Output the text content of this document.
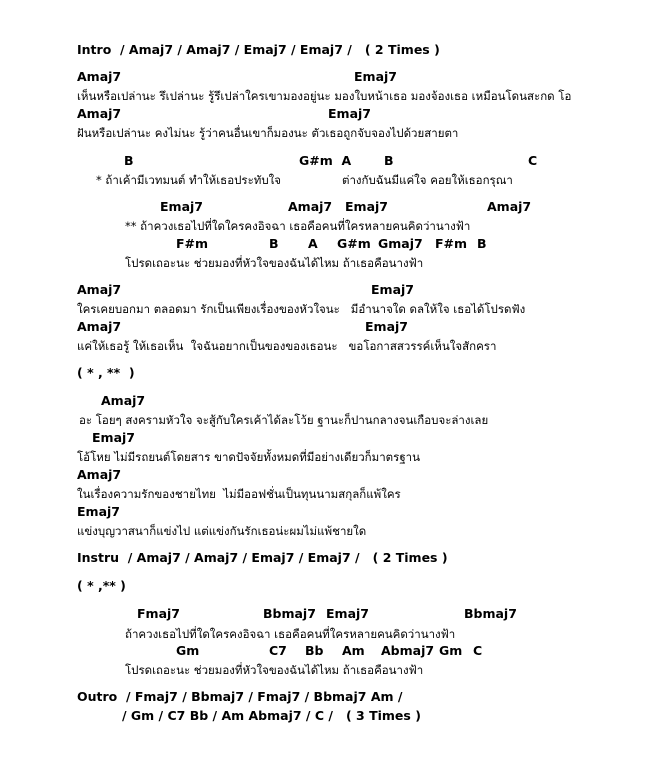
Intro  / Amaj7 / Amaj7 / Emaj7 / Emaj7 /   ( 2 Times )
Amaj7	Emaj7
เห็นหรือเปล่านะ รึเปล่านะ รู้รึเปล่าใครเขามองอยู่นะ มองใบหน้าเธอ มองจ้องเธอ เหมือนโดนสะกด โอ
Amaj7	Emaj7
ฝันหรือเปล่านะ คงไม่นะ รู้ว่าคนอื่นเขาก็มองนะ ตัวเธอถูกจับจองไปด้วยสายตา
B	G#m  A	B	C
* ถ้าเค้ามีเวทมนต์ ทำให้เธอประทับใจ	ต่างกับฉันมีแค่ใจ คอยให้เธอกรุณา
Emaj7	Amaj7 Emaj7	Amaj7
** ถ้าควงเธอไปที่ใดใครคงอิจฉา เธอคือคนที่ใครหลายคนคิดว่านางฟ้า
F#m	B A G#m Gmaj7 F#m B
โปรดเถอะนะ ช่วยมองที่หัวใจของฉันได้ไหม ถ้าเธอคือนางฟ้า
Amaj7	Emaj7
ใครเคยบอกมา ตลอดมา รักเป็นเพียงเรื่องของหัวใจนะ   มีอำนาจใด ดลให้ใจ เธอได้โปรดฟัง
Amaj7	Emaj7
แค่ให้เธอรู้ ให้เธอเห็น  ใจฉันอยากเป็นของของเธอนะ   ขอโอกาสสวรรค์เห็นใจสักครา
( * , **  )
Amaj7
อะ โอยๆ สงครามหัวใจ จะสู้กับใครเค้าได้ละโว้ย ฐานะก็ปานกลางจนเกือบจะล่างเลย
Emaj7
โอ้โหย ไม่มีรถยนต์โดยสาร ขาดปัจจัยทั้งหมดที่มีอย่างเดียวก็มาตรฐาน
Amaj7
ในเรื่องความรักของชายไทย  ไม่มีออฟชั่นเป็นทุนนามสกุลก็แพ้ใคร
Emaj7
แข่งบุญวาสนาก็แข่งไป แต่แข่งกันรักเธอน่ะผมไม่แพ้ชายใด
Instru  / Amaj7 / Amaj7 / Emaj7 / Emaj7 /   ( 2 Times )
( * ,** )
Fmaj7	Bbmaj7 Emaj7	Bbmaj7
ถ้าควงเธอไปที่ใดใครคงอิจฉา เธอคือคนที่ใครหลายคนคิดว่านางฟ้า
Gm	C7 Bb Am Abmaj7 Gm C
โปรดเถอะนะ ช่วยมองที่หัวใจของฉันได้ไหม ถ้าเธอคือนางฟ้า
Outro  / Fmaj7 / Bbmaj7 / Fmaj7 / Bbmaj7 Am /
/ Gm / C7 Bb / Am Abmaj7 / C /   ( 3 Times )
